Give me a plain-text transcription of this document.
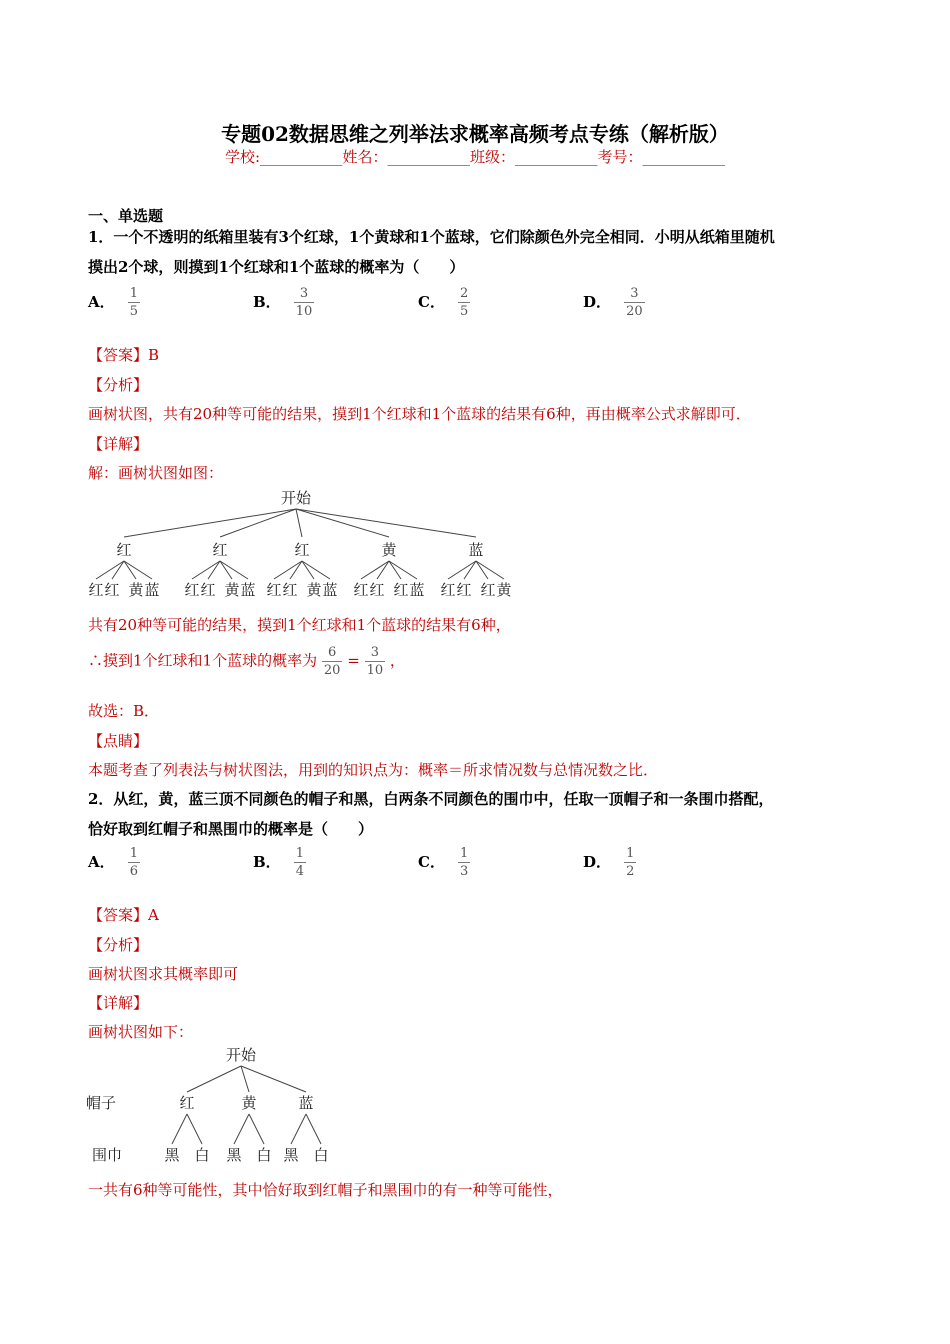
专题02数据思维之列举法求概率高频考点专练（解析版）
学校:___________姓名：___________班级：___________考号：___________
一、单选题
1．一个不透明的纸箱里装有3个红球，1个黄球和1个蓝球，它们除颜色外完全相同．小明从纸箱里随机
摸出2个球，则摸到1个红球和1个蓝球的概率为（　　）
A． $\frac{1}{5}$	B． $\frac{3}{10}$	C． $\frac{2}{5}$	D． $\frac{3}{20}$
【答案】B
【分析】
画树状图，共有20种等可能的结果，摸到1个红球和1个蓝球的结果有6种，再由概率公式求解即可．
【详解】
解：画树状图如图：
开始
红
红 红 黄 蓝
红
红 红 黄 蓝
红
红 红 黄 蓝
黄
红 红 红 蓝
蓝
红 红 红 黄
共有20种等可能的结果，摸到1个红球和1个蓝球的结果有6种，
∴摸到1个红球和1个蓝球的概率为 $\frac{6}{20} = \frac{3}{10}$ ，
故选：B．
【点睛】
本题考查了列表法与树状图法，用到的知识点为：概率＝所求情况数与总情况数之比．
2．从红，黄，蓝三顶不同颜色的帽子和黑，白两条不同颜色的围巾中，任取一顶帽子和一条围巾搭配，
恰好取到红帽子和黑围巾的概率是（　　）
A． $\frac{1}{6}$	B． $\frac{1}{4}$	C． $\frac{1}{3}$	D． $\frac{1}{2}$
【答案】A
【分析】
画树状图求其概率即可
【详解】
画树状图如下：
开始
帽子
围巾
红
黑 白
黄
黑 白
蓝
黑 白
一共有6种等可能性，其中恰好取到红帽子和黑围巾的有一种等可能性，
